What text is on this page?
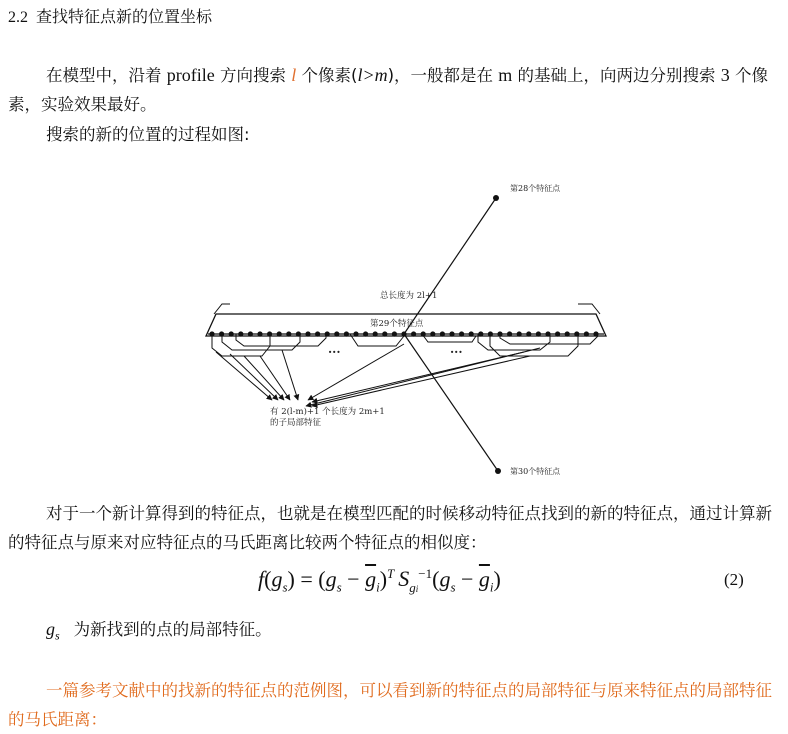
2.2 查找特征点新的位置坐标
在模型中，沿着 profile 方向搜索 l 个像素(l>m)，一般都是在 m 的基础上，向两边分别搜索 3 个像素，实验效果最好。
搜索的新的位置的过程如图:
第28个特征点
第30个特征点
总长度为 2l+1
第29个特征点
···	···
有 2(l-m)+1 个长度为 2m+1
的子局部特征
对于一个新计算得到的特征点，也就是在模型匹配的时候移动特征点找到的新的特征点，通过计算新的特征点与原来对应特征点的马氏距离比较两个特征点的相似度：
$f(g_s) = (g_s - \overline{g}_i)^T$ $S_{gi}^{-1}(g_s - \overline{g}_i)$	(2)
$g_s$ 为新找到的点的局部特征。
一篇参考文献中的找新的特征点的范例图，可以看到新的特征点的局部特征与原来特征点的局部特征的马氏距离：
